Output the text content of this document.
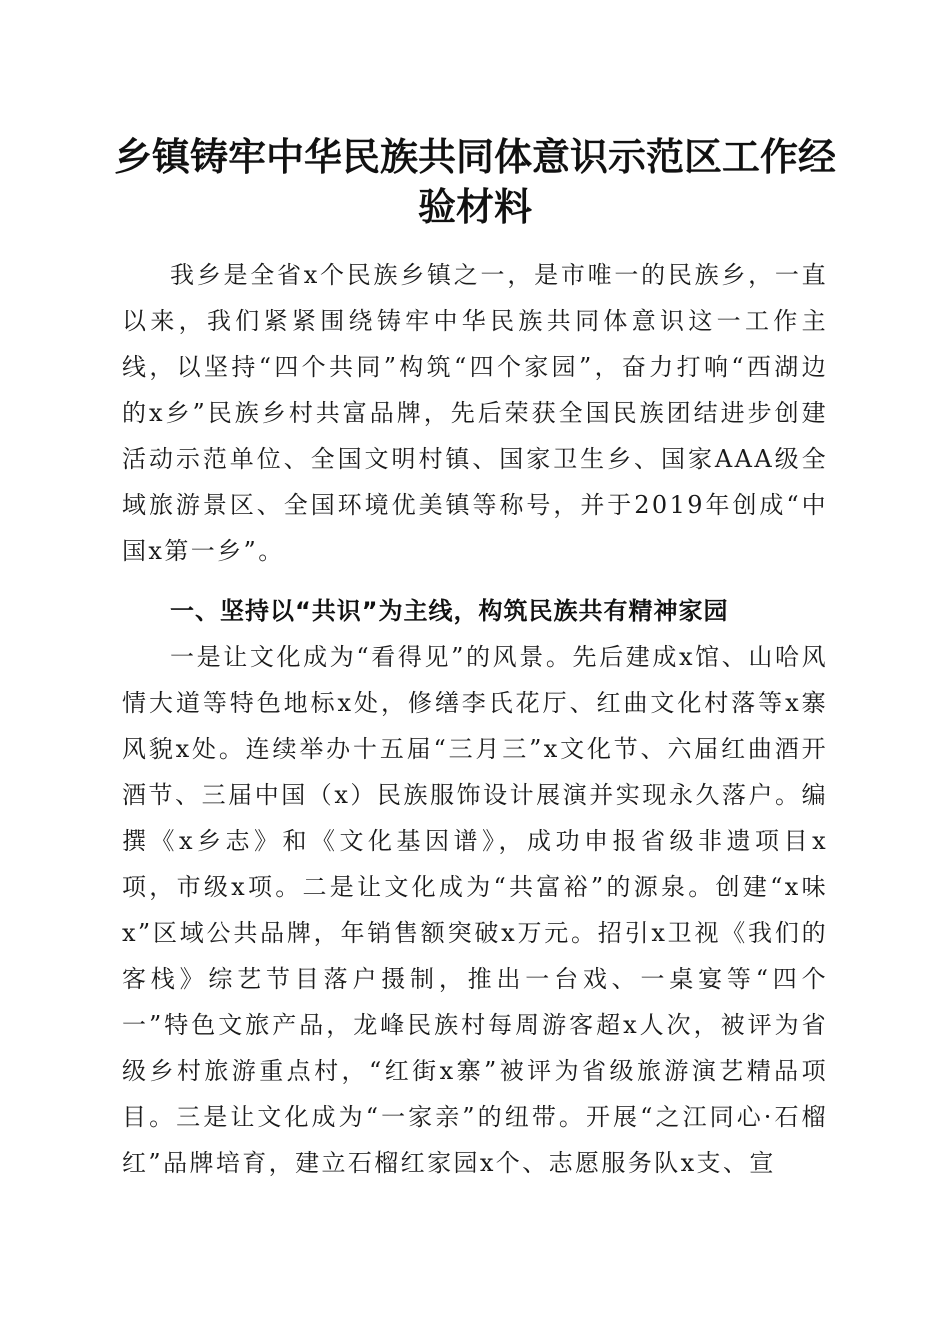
乡镇铸牢中华民族共同体意识示范区工作经验材料

我乡是全省x个民族乡镇之一，是市唯一的民族乡，一直以来，我们紧紧围绕铸牢中华民族共同体意识这一工作主线，以坚持“四个共同”构筑“四个家园”，奋力打响“西湖边的x乡”民族乡村共富品牌，先后荣获全国民族团结进步创建活动示范单位、全国文明村镇、国家卫生乡、国家AAA级全域旅游景区、全国环境优美镇等称号，并于2019年创成“中国x第一乡”。

一、坚持以“共识”为主线，构筑民族共有精神家园

一是让文化成为“看得见”的风景。先后建成x馆、山哈风情大道等特色地标x处，修缮李氏花厅、红曲文化村落等x寨风貌x处。连续举办十五届“三月三”x文化节、六届红曲酒开酒节、三届中国（x）民族服饰设计展演并实现永久落户。编撰《x乡志》和《文化基因谱》，成功申报省级非遗项目x项，市级x项。二是让文化成为“共富裕”的源泉。创建“x味x”区域公共品牌，年销售额突破x万元。招引x卫视《我们的客栈》综艺节目落户摄制，推出一台戏、一桌宴等“四个一”特色文旅产品，龙峰民族村每周游客超x人次，被评为省级乡村旅游重点村，“红街x寨”被评为省级旅游演艺精品项目。三是让文化成为“一家亲”的纽带。开展“之江同心·石榴红”品牌培育，建立石榴红家园x个、志愿服务队x支、宣
